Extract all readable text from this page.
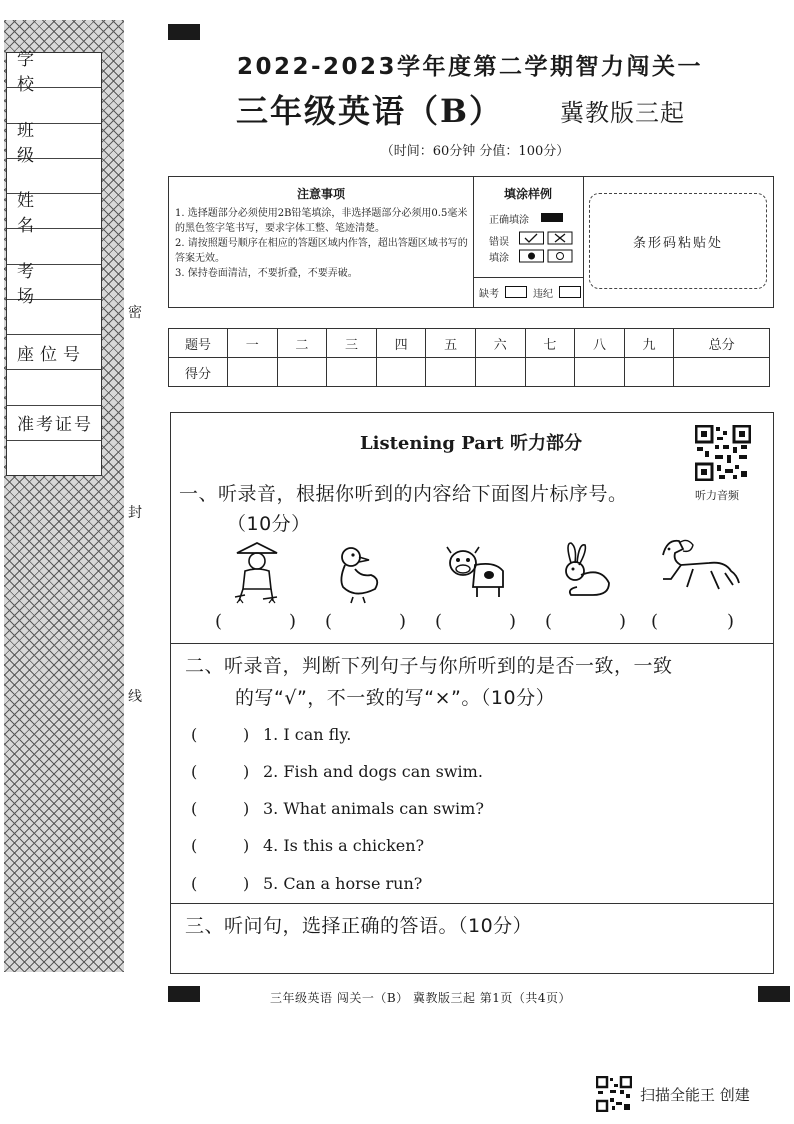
学校
班级
姓名
考场
座位号
准考证号
密
封
线
2022-2023学年度第二学期智力闯关一
三年级英语（B） 冀教版三起
（时间：60分钟 分值：100分）
注意事项

1. 选择题部分必须使用2B铅笔填涂，非选择题部分必须用0.5毫米的黑色签字笔书写，要求字体工整、笔迹清楚。

2. 请按照题号顺序在相应的答题区域内作答，超出答题区域书写的答案无效。

3. 保持卷面清洁，不要折叠，不要弄破。

填涂样例
正确填涂
错误
填涂
缺考	违纪
条形码粘贴处
题号	一	二	三	四	五	六	七	八	九	总分
得分										
Listening Part 听力部分
听力音频
一、听录音，根据你听到的内容给下面图片标序号。
（10分）
(	) (	) (	) (	) (	)
二、听录音，判断下列句子与你所听到的是否一致，一致
的写“√”，不一致的写“×”。（10分）
(         ) 1. I can fly.
(         ) 2. Fish and dogs can swim.
(         ) 3. What animals can swim?
(         ) 4. Is this a chicken?
(         ) 5. Can a horse run?
三、听问句，选择正确的答语。（10分）
三年级英语 闯关一（B） 冀教版三起 第1页（共4页）
扫描全能王 创建
